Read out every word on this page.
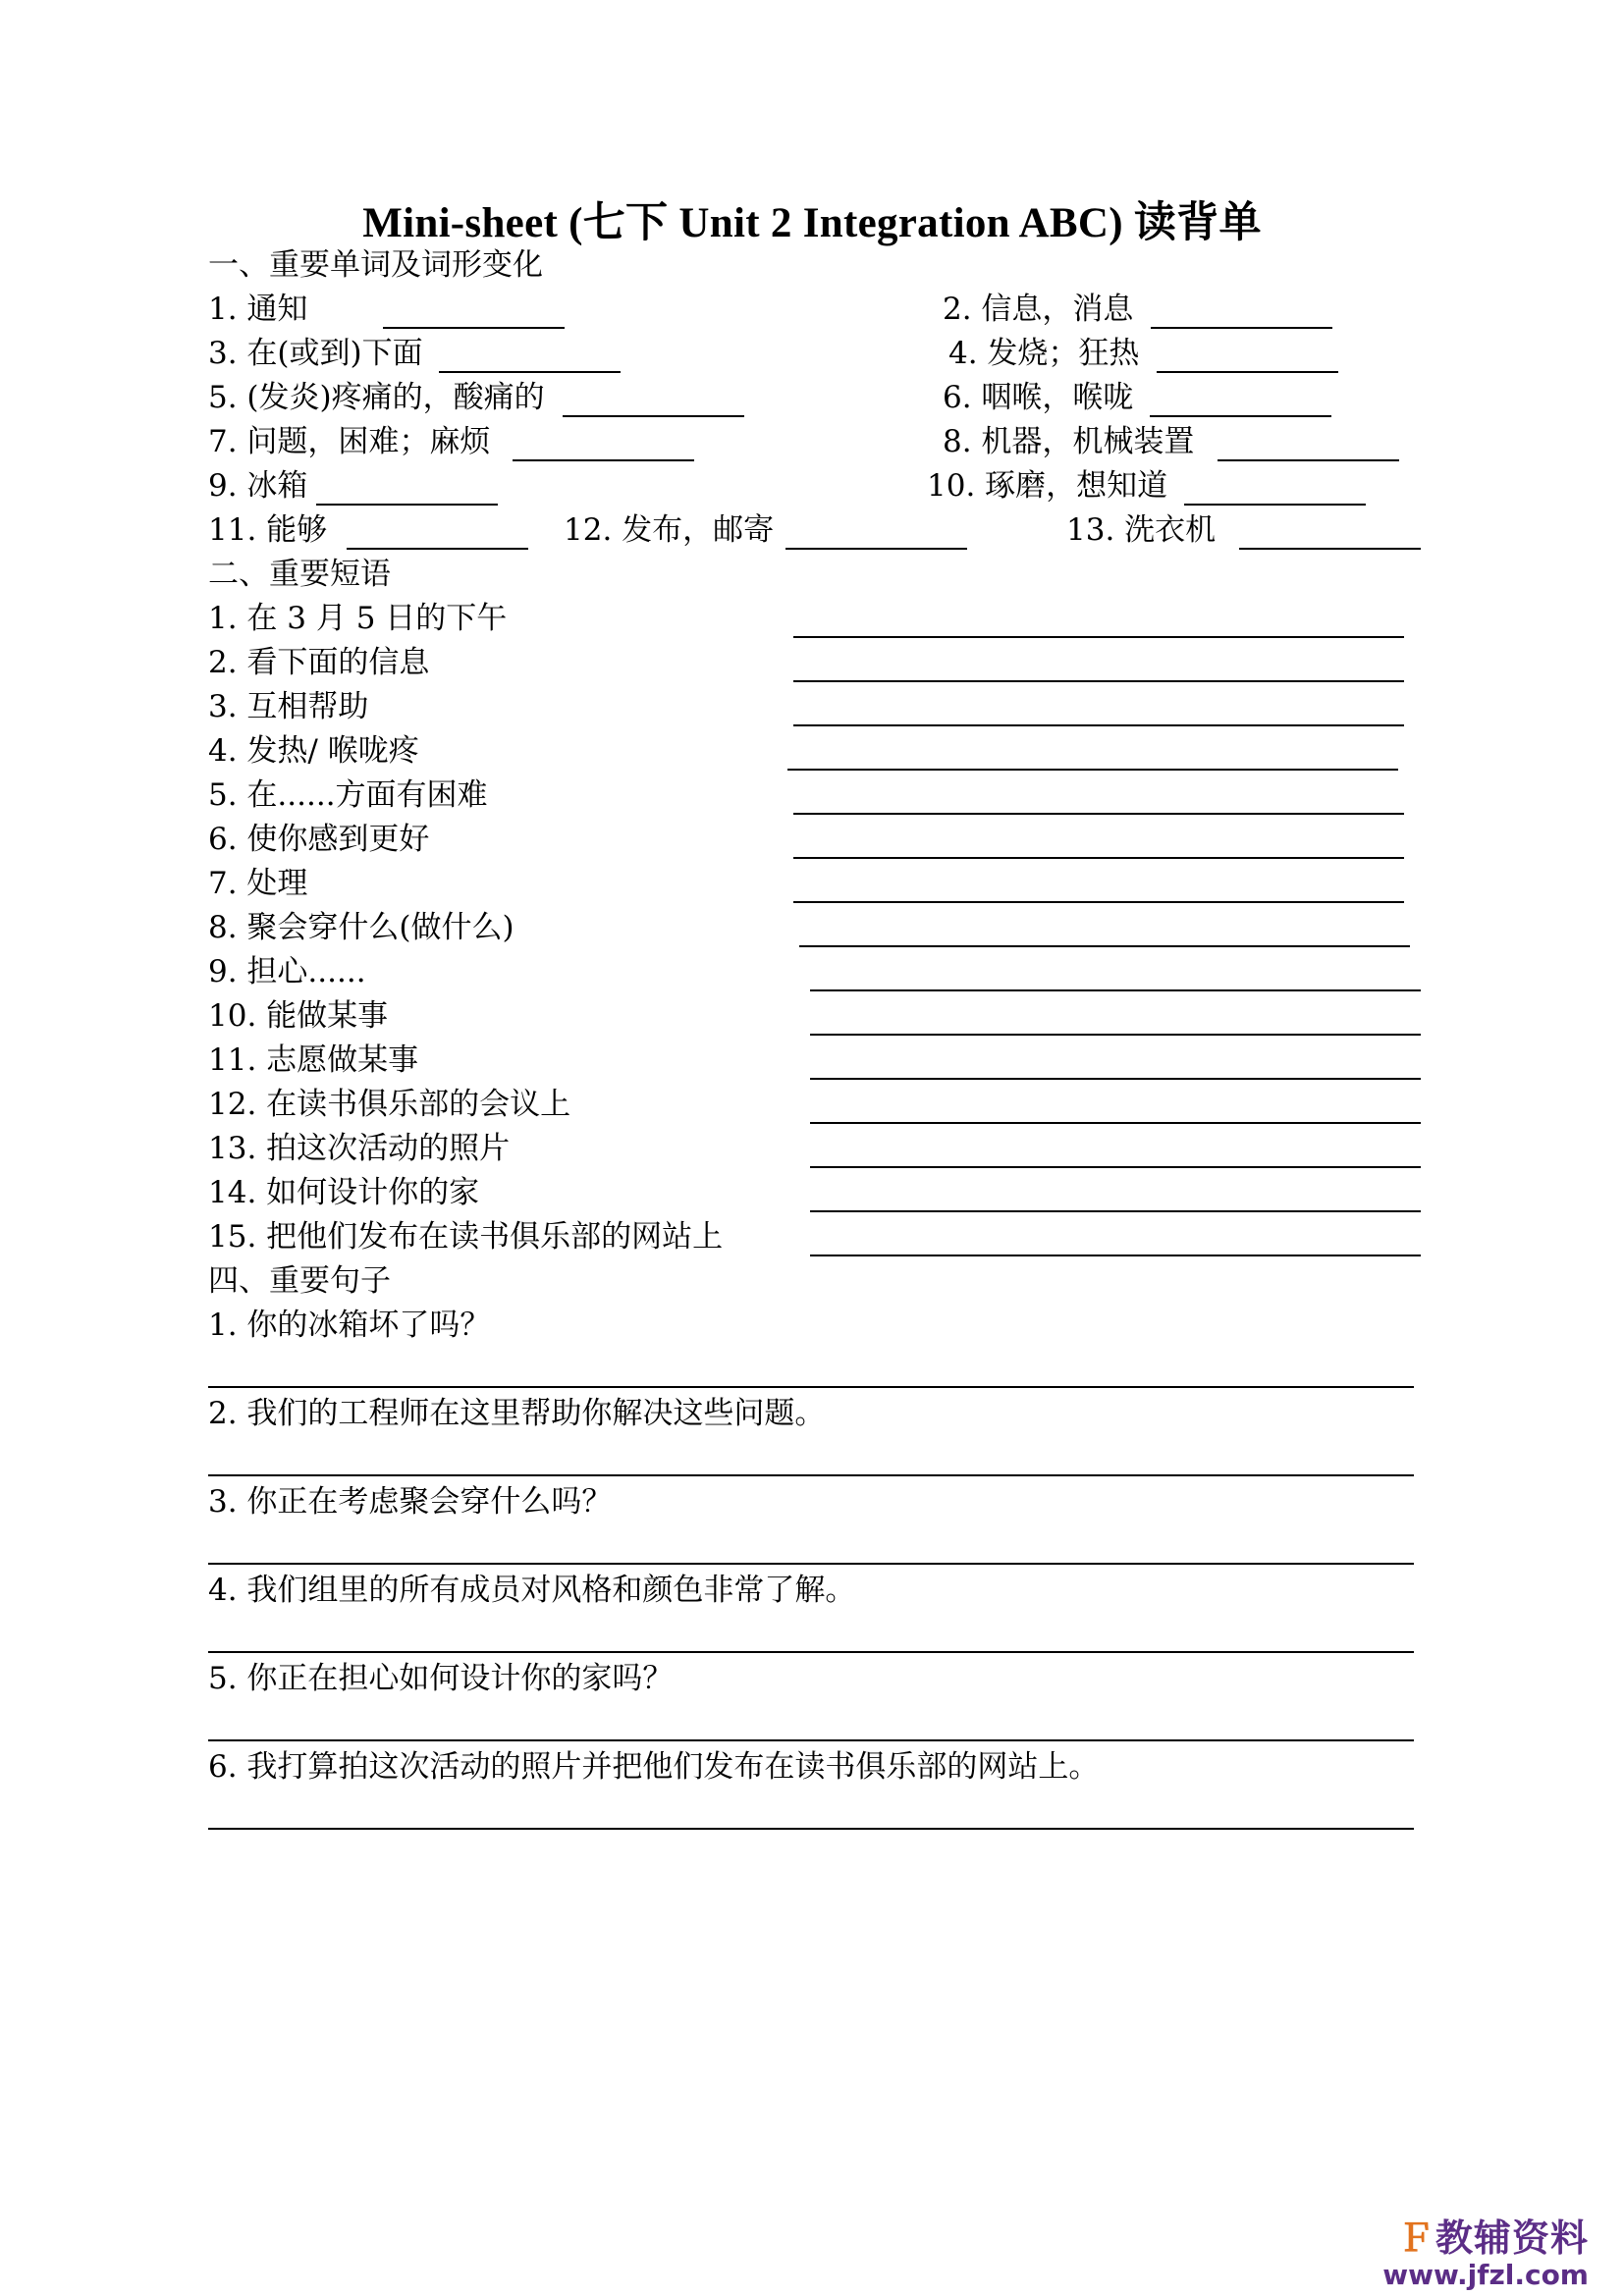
Mini-sheet (七下 Unit 2 Integration ABC) 读背单
一、重要单词及词形变化
1. 通知	2. 信息，消息
3. 在(或到)下面	4. 发烧；狂热
5. (发炎)疼痛的，酸痛的	6. 咽喉，喉咙
7. 问题，困难；麻烦	8. 机器，机械装置
9. 冰箱	10. 琢磨，想知道
11. 能够	12. 发布，邮寄	13. 洗衣机
二、重要短语
1. 在 3 月 5 日的下午
2. 看下面的信息
3. 互相帮助
4. 发热/ 喉咙疼
5. 在......方面有困难
6. 使你感到更好
7. 处理
8. 聚会穿什么(做什么)
9. 担心......
10. 能做某事
11. 志愿做某事
12. 在读书俱乐部的会议上
13. 拍这次活动的照片
14. 如何设计你的家
15. 把他们发布在读书俱乐部的网站上
四、重要句子
1. 你的冰箱坏了吗？
2. 我们的工程师在这里帮助你解决这些问题。
3. 你正在考虑聚会穿什么吗？
4. 我们组里的所有成员对风格和颜色非常了解。
5. 你正在担心如何设计你的家吗？
6. 我打算拍这次活动的照片并把他们发布在读书俱乐部的网站上。
Ｆ教辅资料
www.jfzl.com
